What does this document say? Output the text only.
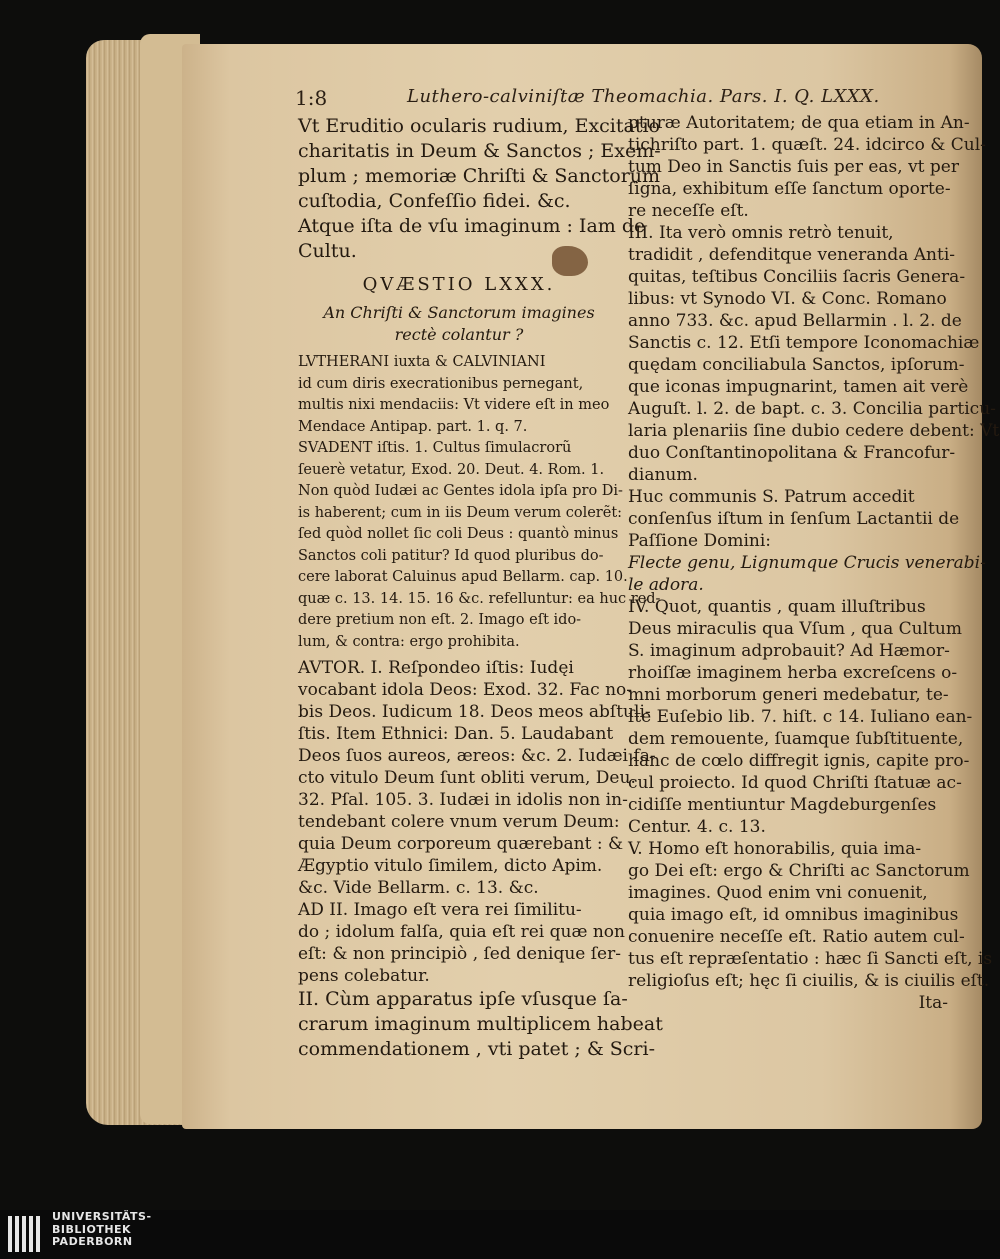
1:8	Luthero-calviniſtæ Theomachia. Pars. I. Q. LXXX.
Vt Eruditio ocularis rudium, Excitatio
charitatis in Deum & Sanctos ; Exem-
plum ; memoriæ Chriſti & Sanctorum
cuſtodia, Confeſſio fidei. &c.
Atque iſta de vſu imaginum : Iam de
Cultu.
QVÆSTIO LXXX.
An Chriſti & Sanctorum imagines
rectè colantur ?
LVTHERANI iuxta & CALVINIANI
id cum diris execrationibus pernegant,
multis nixi mendaciis: Vt videre eſt in meo
Mendace Antipap. part. 1. q. 7.
SVADENT iſtis. 1. Cultus ſimulacrorũ
ſeuerè vetatur, Exod. 20. Deut. 4. Rom. 1.
Non quòd Iudæi ac Gentes idola ipſa pro Di-
is haberent; cum in iis Deum verum colerẽt:
ſed quòd nollet ſic coli Deus : quantò minus
Sanctos coli patitur? Id quod pluribus do-
cere laborat Caluinus apud Bellarm. cap. 10.
quæ c. 13. 14. 15. 16 &c. refelluntur: ea huc red-
dere pretium non eſt. 2. Imago eſt ido-
lum, & contra: ergo prohibita.
AVTOR. I. Reſpondeo iſtis: Iudęi
vocabant idola Deos: Exod. 32. Fac no-
bis Deos. Iudicum 18. Deos meos abſtuli-
ſtis. Item Ethnici: Dan. 5. Laudabant
Deos ſuos aureos, æreos: &c. 2. Iudæi fa-
cto vitulo Deum ſunt obliti verum, Deu.
32. Pſal. 105. 3. Iudæi in idolis non in-
tendebant colere vnum verum Deum:
quia Deum corporeum quærebant : &
Ægyptio vitulo ſimilem, dicto Apim.
&c. Vide Bellarm. c. 13. &c.
AD II. Imago eſt vera rei ſimilitu-
do ; idolum falſa, quia eſt rei quæ non
eſt: & non principiò , ſed denique ſer-
pens colebatur.
II. Cùm apparatus ipſe vſusque ſa-
crarum imaginum multiplicem habeat
commendationem , vti patet ; & Scri-
pturæ Autoritatem; de qua etiam in An-
tichriſto part. 1. quæſt. 24. idcirco & Cul-
tum Deo in Sanctis ſuis per eas, vt per
ſigna, exhibitum eſſe ſanctum oporte-
re neceſſe eſt.
III. Ita verò omnis retrò tenuit,
tradidit , defenditque veneranda Anti-
quitas, teſtibus Conciliis ſacris Genera-
libus: vt Synodo VI. & Conc. Romano
anno 733. &c. apud Bellarmin . l. 2. de
Sanctis c. 12. Etſi tempore Iconomachiæ
quędam conciliabula Sanctos, ipſorum-
que iconas impugnarint, tamen ait verè
Auguſt. l. 2. de bapt. c. 3. Concilia particu-
laria plenariis ſine dubio cedere debent: Vt
duo Conſtantinopolitana & Francofur-
dianum.
Huc communis S. Patrum accedit
conſenſus iſtum in ſenſum Lactantii de
Paſſione Domini:
Flecte genu, Lignumque Crucis venerabi-
le adora.
IV. Quot, quantis , quam illuſtribus
Deus miraculis qua Vſum , qua Cultum
S. imaginum adprobauit? Ad Hæmor-
rhoiſſæ imaginem herba excreſcens o-
mni morborum generi medebatur, te-
ſte Euſebio lib. 7. hiſt. c 14. Iuliano ean-
dem remouente, ſuamque ſubſtituente,
hanc de cœlo diffregit ignis, capite pro-
cul proiecto. Id quod Chriſti ſtatuæ ac-
cidiſſe mentiuntur Magdeburgenſes
Centur. 4. c. 13.
V. Homo eſt honorabilis, quia ima-
go Dei eſt: ergo & Chriſti ac Sanctorum
imagines. Quod enim vni conuenit,
quia imago eſt, id omnibus imaginibus
conuenire neceſſe eſt. Ratio autem cul-
tus eſt repræſentatio : hæc ſi Sancti eſt, is
religioſus eſt; hęc ſi ciuilis, & is ciuilis eſt.
Ita-
UNIVERSITÄTS-
BIBLIOTHEK
PADERBORN
